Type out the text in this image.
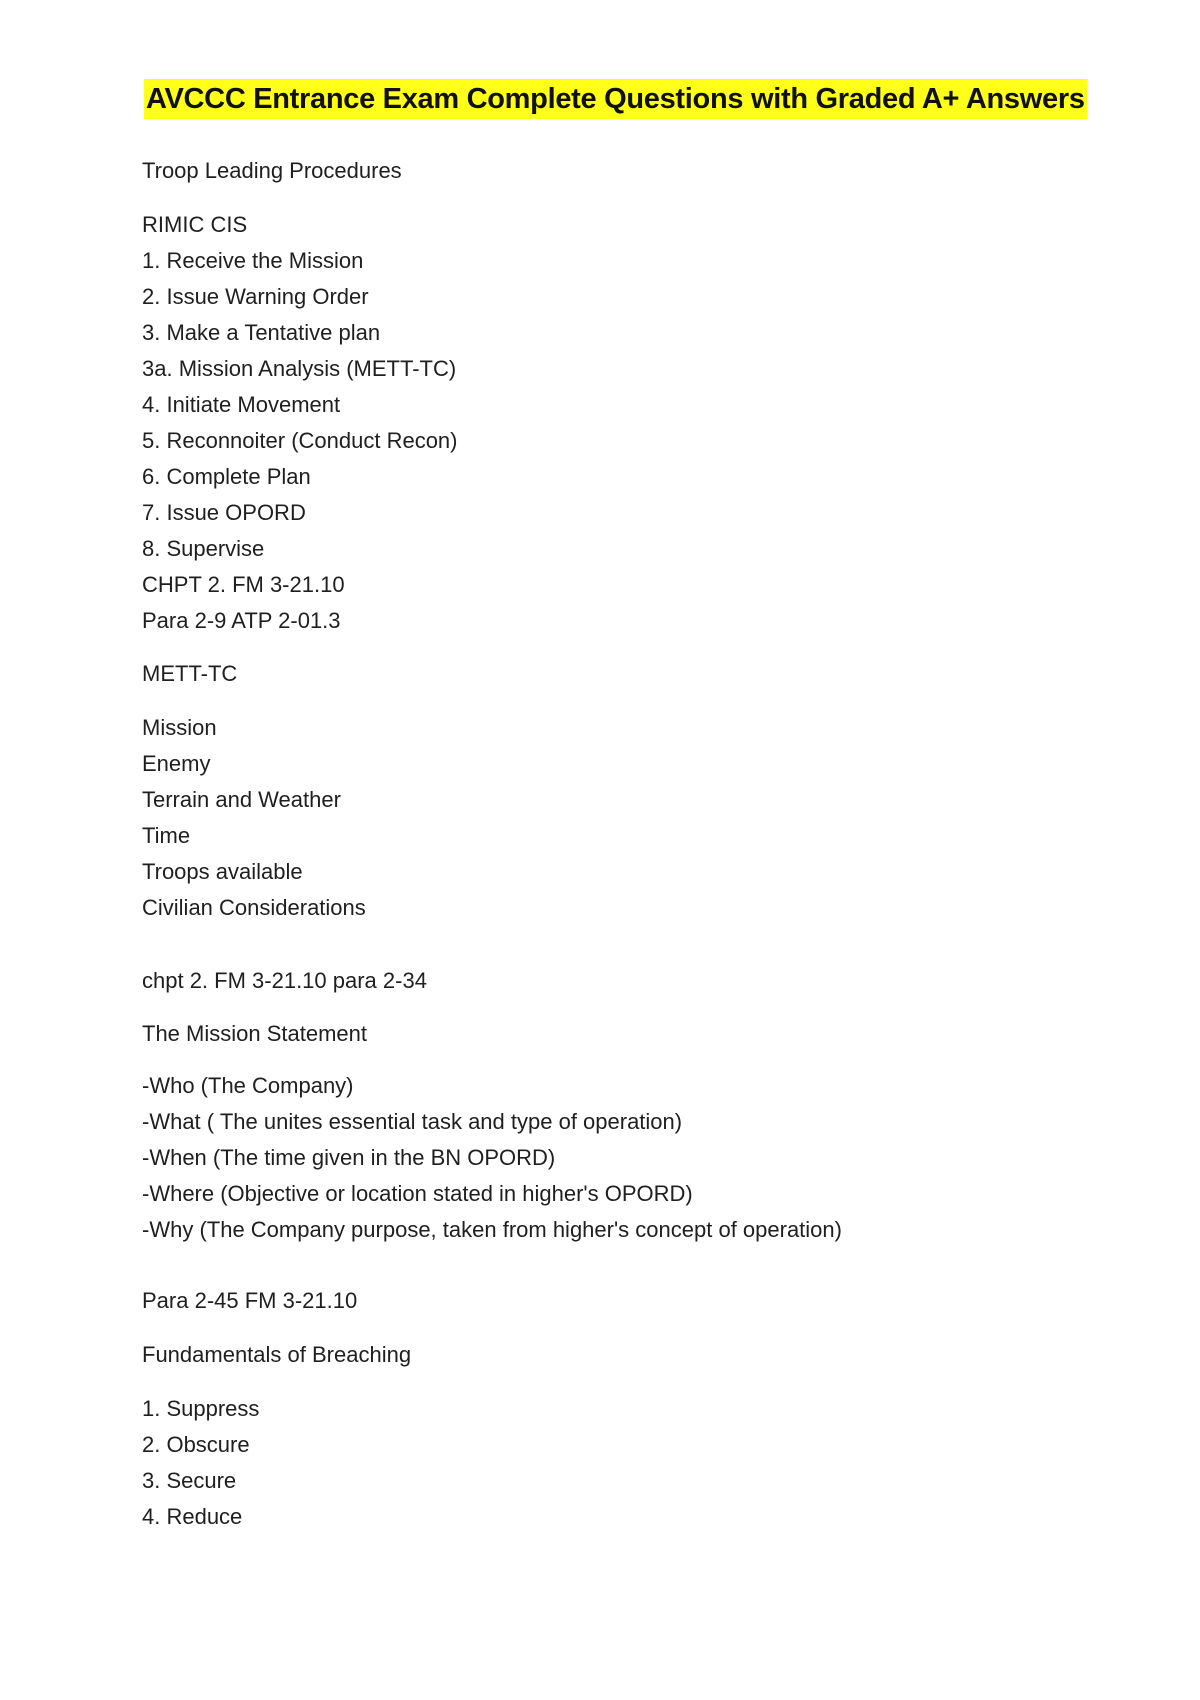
AVCCC Entrance Exam Complete Questions with Graded A+ Answers
Troop Leading Procedures
RIMIC CIS
1. Receive the Mission
2. Issue Warning Order
3. Make a Tentative plan
3a. Mission Analysis (METT-TC)
4. Initiate Movement
5. Reconnoiter (Conduct Recon)
6. Complete Plan
7. Issue OPORD
8. Supervise
CHPT 2. FM 3-21.10
Para 2-9 ATP 2-01.3
METT-TC
Mission
Enemy
Terrain and Weather
Time
Troops available
Civilian Considerations
chpt 2. FM 3-21.10 para 2-34
The Mission Statement
-Who (The Company)
-What ( The unites essential task and type of operation)
-When (The time given in the BN OPORD)
-Where (Objective or location stated in higher's OPORD)
-Why (The Company purpose, taken from higher's concept of operation)
Para 2-45 FM 3-21.10
Fundamentals of Breaching
1. Suppress
2. Obscure
3. Secure
4. Reduce
